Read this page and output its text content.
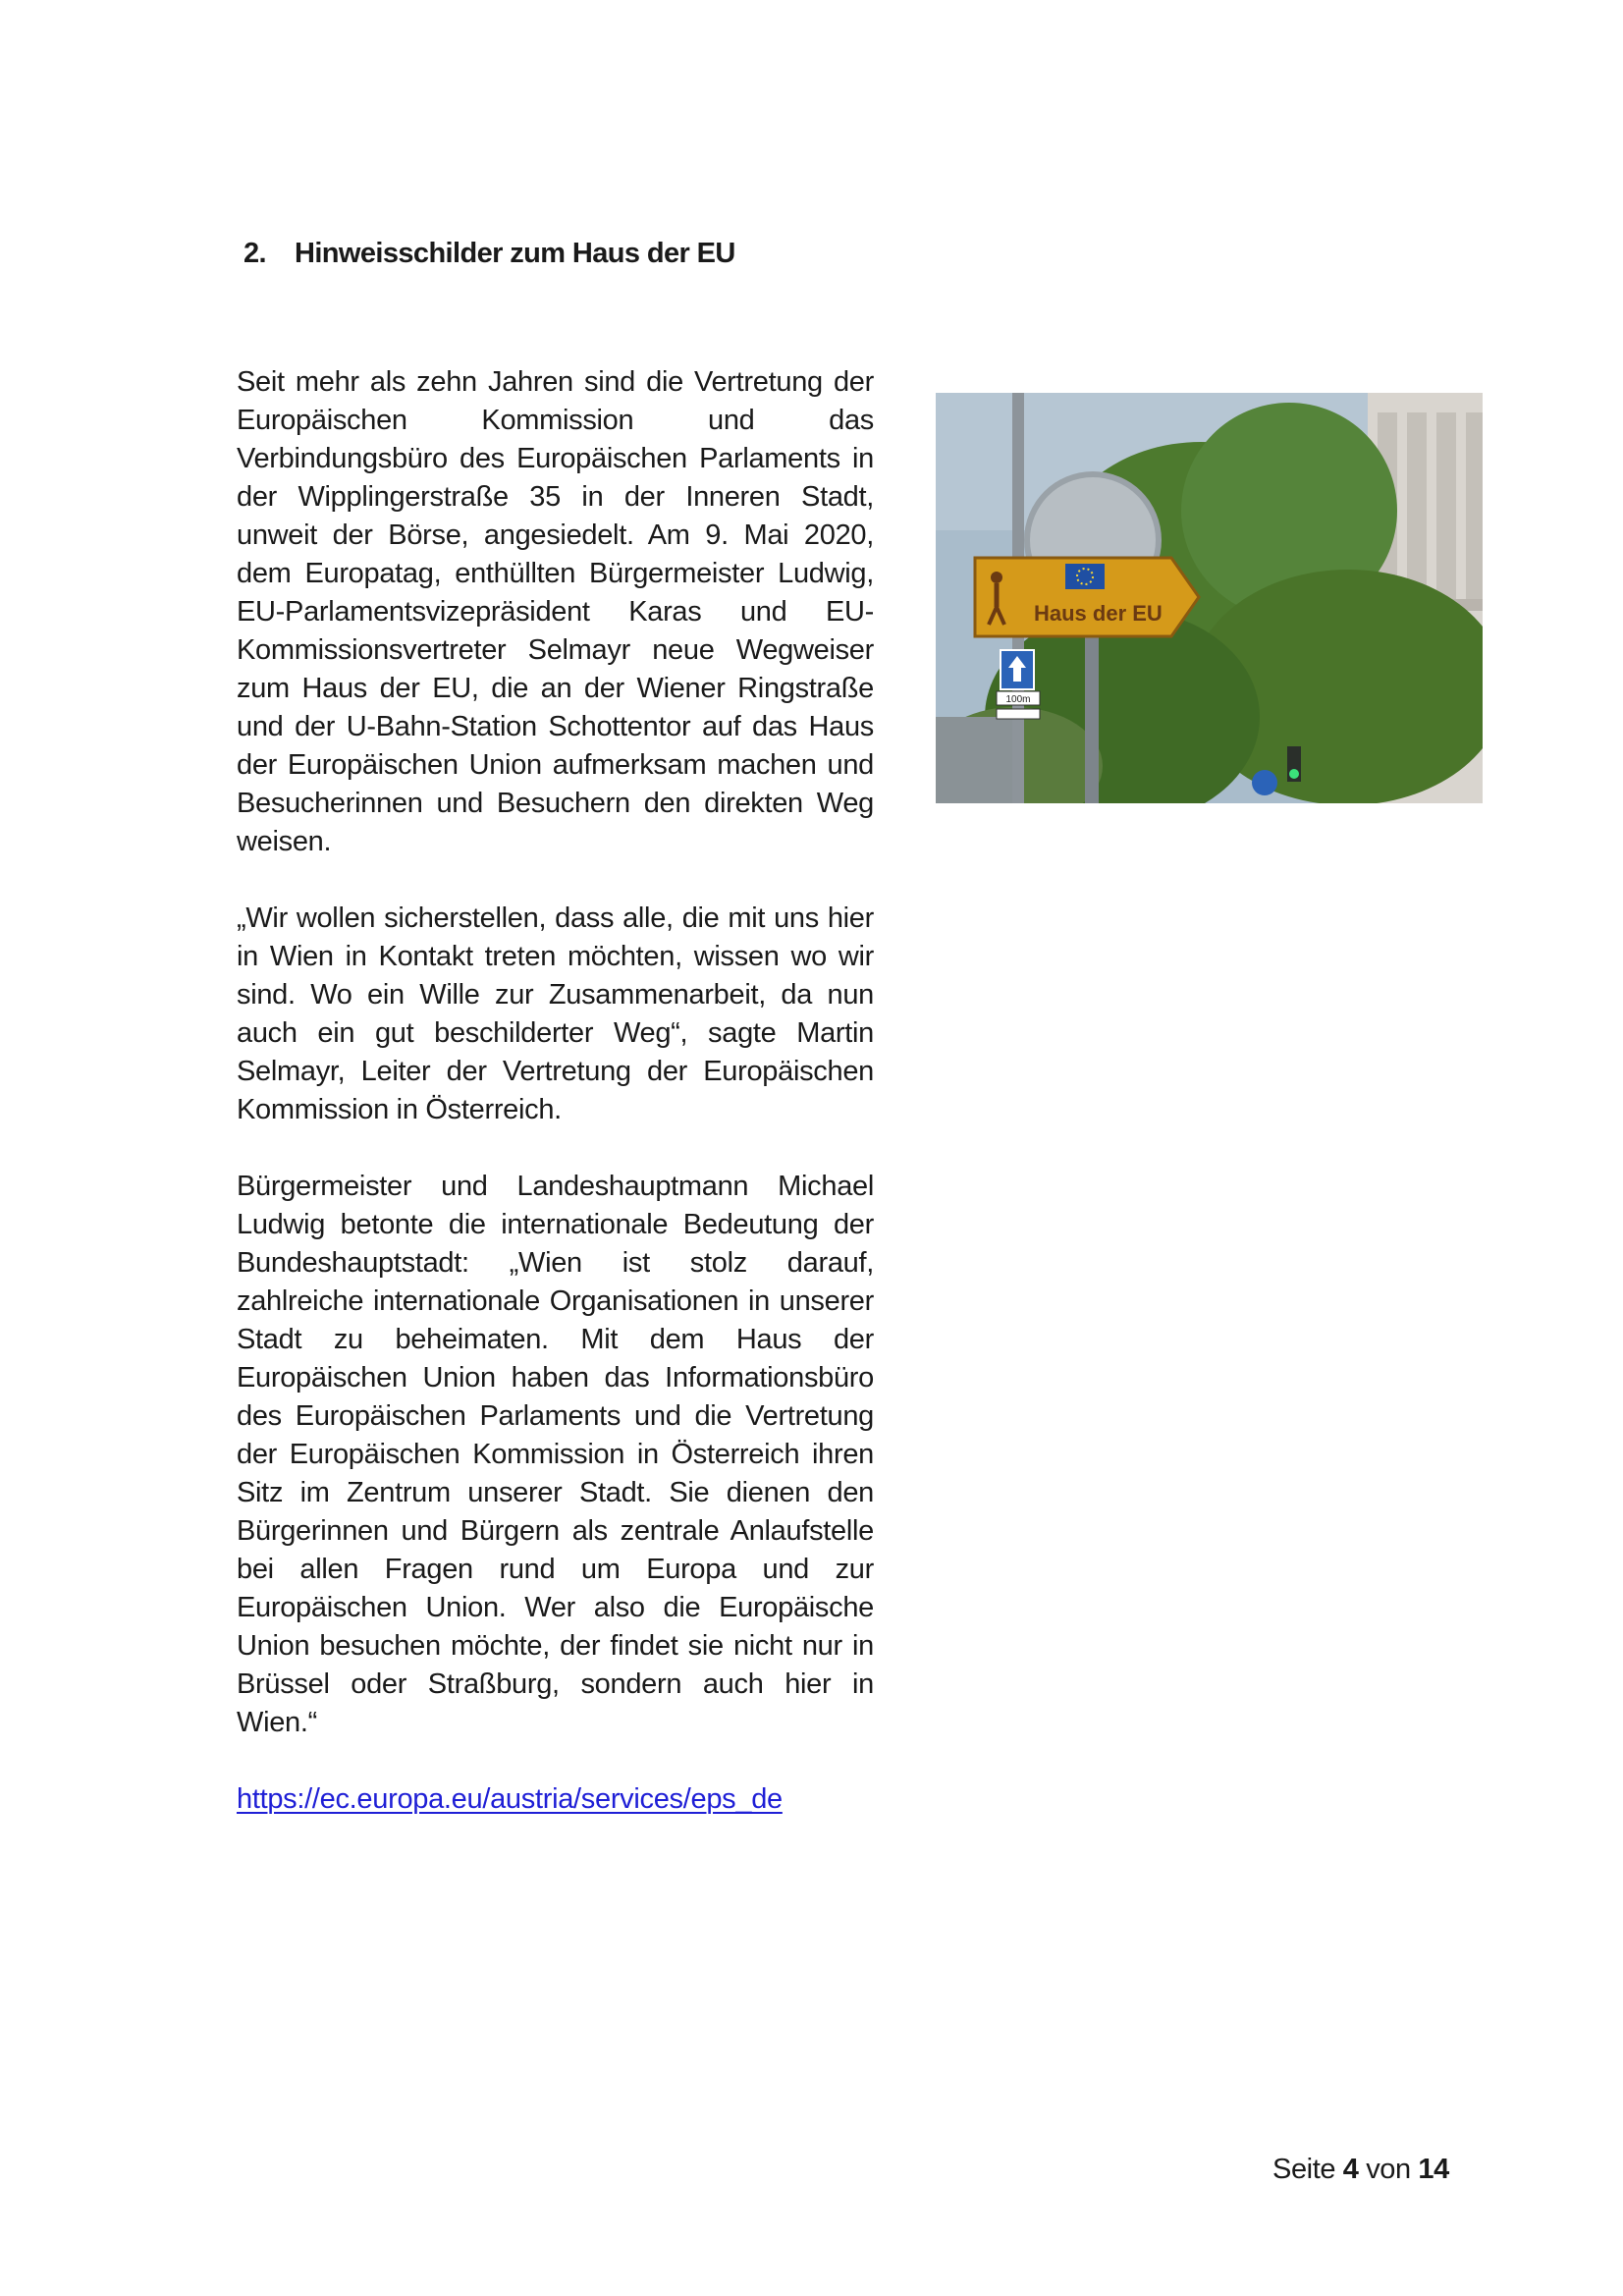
2. Hinweisschilder zum Haus der EU

Seit mehr als zehn Jahren sind die Vertretung der Europäischen Kommission und das Verbindungsbüro des Europäischen Parlaments in der Wipplingerstraße 35 in der Inneren Stadt, unweit der Börse, angesiedelt. Am 9. Mai 2020, dem Europatag, enthüllten Bürgermeister Ludwig, EU-Parlamentsvizepräsident Karas und EU-Kommissionsvertreter Selmayr neue Wegweiser zum Haus der EU, die an der Wiener Ringstraße und der U-Bahn-Station Schottentor auf das Haus der Europäischen Union aufmerksam machen und Besucherinnen und Besuchern den direkten Weg weisen.

„Wir wollen sicherstellen, dass alle, die mit uns hier in Wien in Kontakt treten möchten, wissen wo wir sind. Wo ein Wille zur Zusammenarbeit, da nun auch ein gut beschilderter Weg“, sagte Martin Selmayr, Leiter der Vertretung der Europäischen Kommission in Österreich.

Bürgermeister und Landeshauptmann Michael Ludwig betonte die internationale Bedeutung der Bundeshauptstadt: „Wien ist stolz darauf, zahlreiche internationale Organisationen in unserer Stadt zu beheimaten. Mit dem Haus der Europäischen Union haben das Informationsbüro des Europäischen Parlaments und die Vertretung der Europäischen Kommission in Österreich ihren Sitz im Zentrum unserer Stadt. Sie dienen den Bürgerinnen und Bürgern als zentrale Anlaufstelle bei allen Fragen rund um Europa und zur Europäischen Union. Wer also die Europäische Union besuchen möchte, der findet sie nicht nur in Brüssel oder Straßburg, sondern auch hier in Wien.“

https://ec.europa.eu/austria/services/eps_de

Haus der EU
100m
Seite 4 von 14
